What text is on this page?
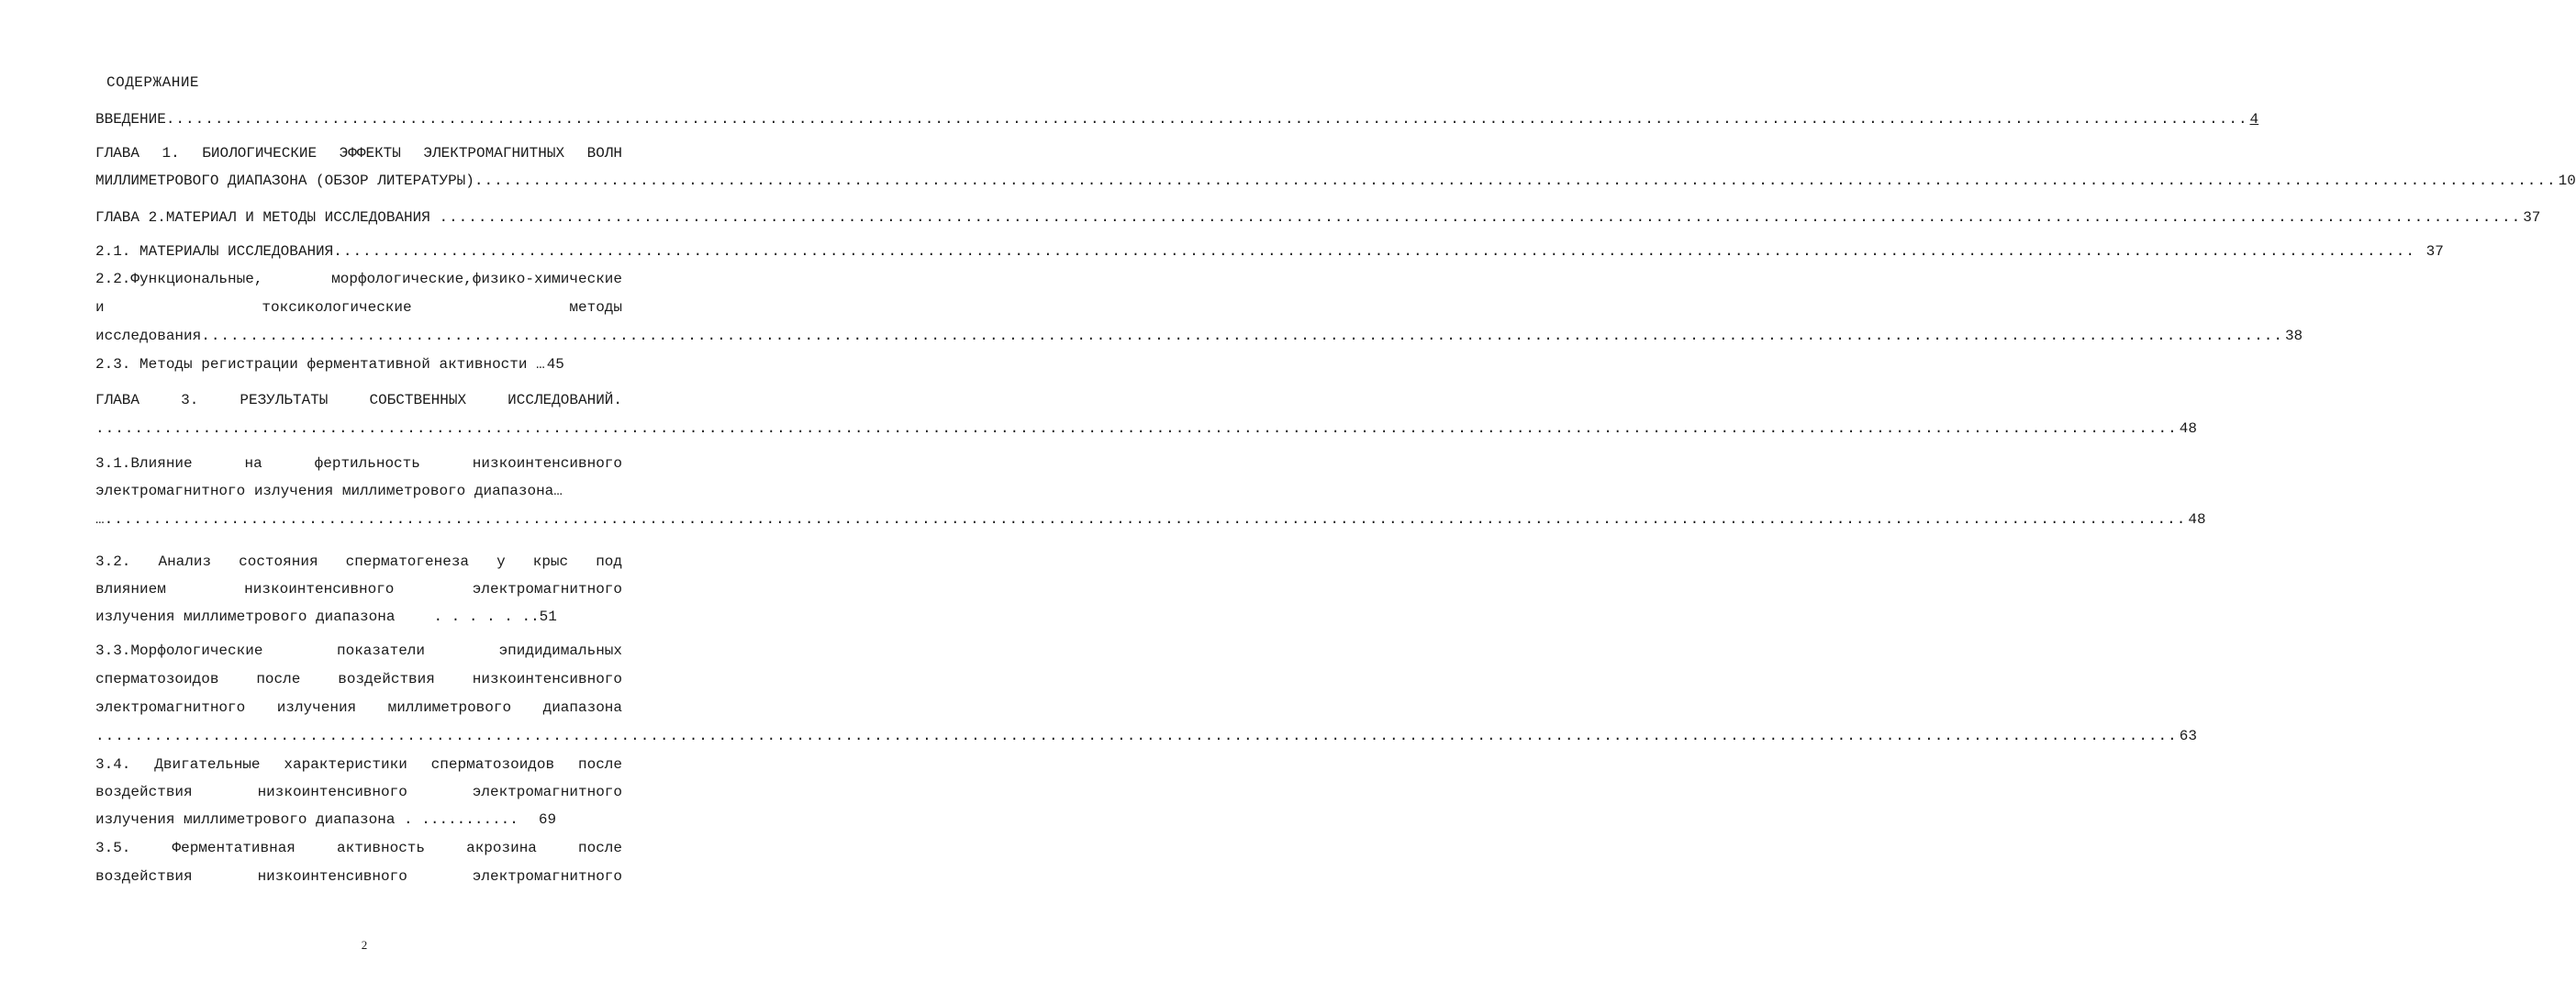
СОДЕРЖАНИЕ
ВВЕДЕНИЕ ...................................................................................................................................................................................................................... 4
ГЛАВА 1. БИОЛОГИЧЕСКИЕ ЭФФЕКТЫ ЭЛЕКТРОМАГНИТНЫХ ВОЛН
МИЛЛИМЕТРОВОГО ДИАПАЗОНА (ОБЗОР ЛИТЕРАТУРЫ) ...................................................................................................................................................................................................................... 10
ГЛАВА 2.МАТЕРИАЛ И МЕТОДЫ ИССЛЕДОВАНИЯ ...................................................................................................................................................................................................................... 37
2.1. МАТЕРИАЛЫ ИССЛЕДОВАНИЯ ...................................................................................................................................................................................................................... 37
2.2.Функциональные, морфологические,физико-химические
и токсикологические методы
исследования ...................................................................................................................................................................................................................... 38
2.3. Методы регистрации ферментативной активности … 45
ГЛАВА 3. РЕЗУЛЬТАТЫ СОБСТВЕННЫХ ИССЛЕДОВАНИЙ.
...................................................................................................................................................................................................................... 48
3.1.Влияние на фертильность низкоинтенсивного
электромагнитного излучения миллиметрового диапазона…
… ...................................................................................................................................................................................................................... 48
3.2. Анализ состояния сперматогенеза у крыс под
влиянием низкоинтенсивного электромагнитного
излучения миллиметрового диапазона	. . . . . ..51
3.3.Морфологические показатели эпидидимальных
сперматозоидов после воздействия низкоинтенсивного
электромагнитного излучения миллиметрового диапазона
...................................................................................................................................................................................................................... 63
3.4. Двигательные характеристики сперматозоидов после
воздействия низкоинтенсивного электромагнитного
излучения миллиметрового диапазона . ........... 69
3.5. Ферментативная активность акрозина после
воздействия низкоинтенсивного электромагнитного
2
